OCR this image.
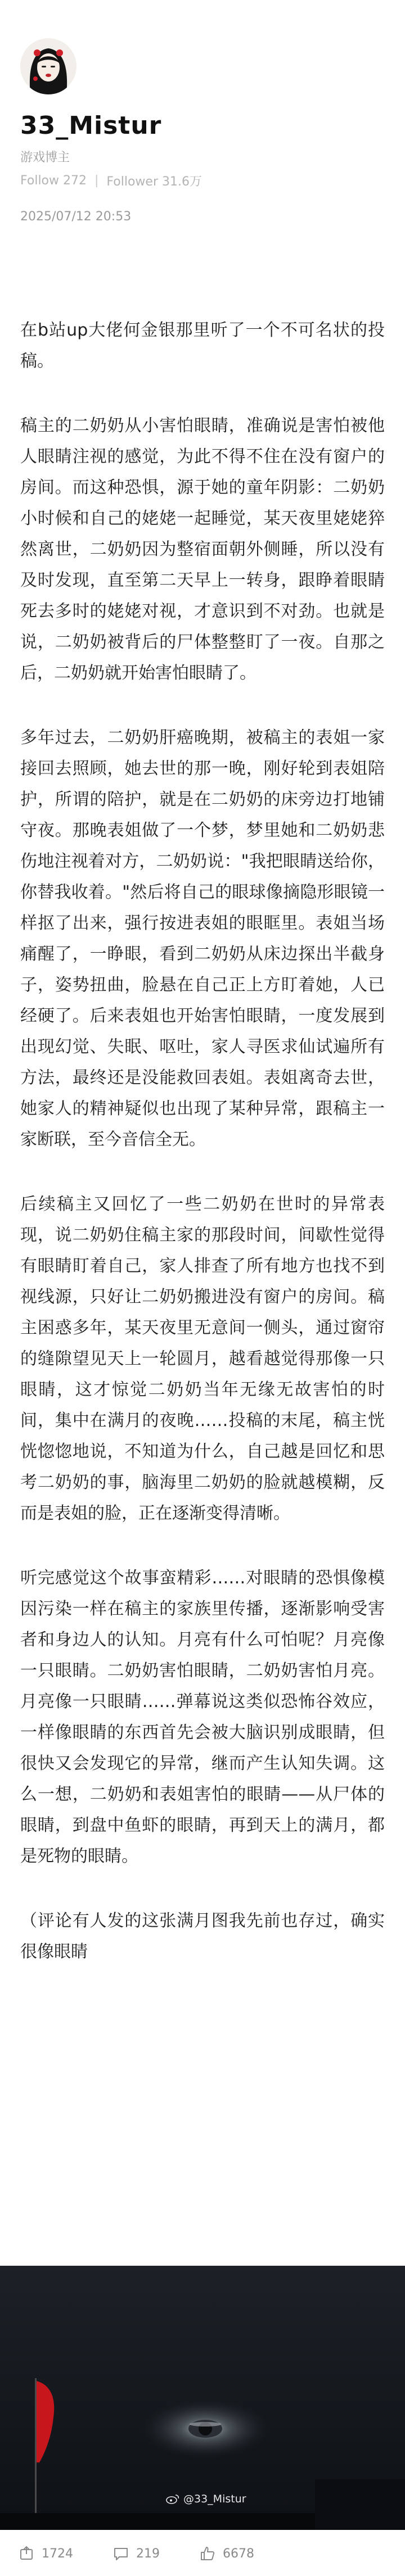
33_Mistur
游戏博主
Follow 272 | Follower 31.6万
2025/07/12 20:53

在b站up大佬何金银那里听了一个不可名状的投稿。

稿主的二奶奶从小害怕眼睛，准确说是害怕被他人眼睛注视的感觉，为此不得不住在没有窗户的房间。而这种恐惧，源于她的童年阴影：二奶奶小时候和自己的姥姥一起睡觉，某天夜里姥姥猝然离世，二奶奶因为整宿面朝外侧睡，所以没有及时发现，直至第二天早上一转身，跟睁着眼睛死去多时的姥姥对视，才意识到不对劲。也就是说，二奶奶被背后的尸体整整盯了一夜。自那之后，二奶奶就开始害怕眼睛了。

多年过去，二奶奶肝癌晚期，被稿主的表姐一家接回去照顾，她去世的那一晚，刚好轮到表姐陪护，所谓的陪护，就是在二奶奶的床旁边打地铺守夜。那晚表姐做了一个梦，梦里她和二奶奶悲伤地注视着对方，二奶奶说："我把眼睛送给你，你替我收着。"然后将自己的眼球像摘隐形眼镜一样抠了出来，强行按进表姐的眼眶里。表姐当场痛醒了，一睁眼，看到二奶奶从床边探出半截身子，姿势扭曲，脸悬在自己正上方盯着她，人已经硬了。后来表姐也开始害怕眼睛，一度发展到出现幻觉、失眠、呕吐，家人寻医求仙试遍所有方法，最终还是没能救回表姐。表姐离奇去世，她家人的精神疑似也出现了某种异常，跟稿主一家断联，至今音信全无。

后续稿主又回忆了一些二奶奶在世时的异常表现，说二奶奶住稿主家的那段时间，间歇性觉得有眼睛盯着自己，家人排查了所有地方也找不到视线源，只好让二奶奶搬进没有窗户的房间。稿主困惑多年，某天夜里无意间一侧头，通过窗帘的缝隙望见天上一轮圆月，越看越觉得那像一只眼睛，这才惊觉二奶奶当年无缘无故害怕的时间，集中在满月的夜晚……投稿的末尾，稿主恍恍惚惚地说，不知道为什么，自己越是回忆和思考二奶奶的事，脑海里二奶奶的脸就越模糊，反而是表姐的脸，正在逐渐变得清晰。

听完感觉这个故事蛮精彩……对眼睛的恐惧像模因污染一样在稿主的家族里传播，逐渐影响受害者和身边人的认知。月亮有什么可怕呢？月亮像一只眼睛。二奶奶害怕眼睛，二奶奶害怕月亮。月亮像一只眼睛……弹幕说这类似恐怖谷效应，一样像眼睛的东西首先会被大脑识别成眼睛，但很快又会发现它的异常，继而产生认知失调。这么一想，二奶奶和表姐害怕的眼睛——从尸体的眼睛，到盘中鱼虾的眼睛，再到天上的满月，都是死物的眼睛。

（评论有人发的这张满月图我先前也存过，确实很像眼睛

@33_Mistur
1724	219	6678
